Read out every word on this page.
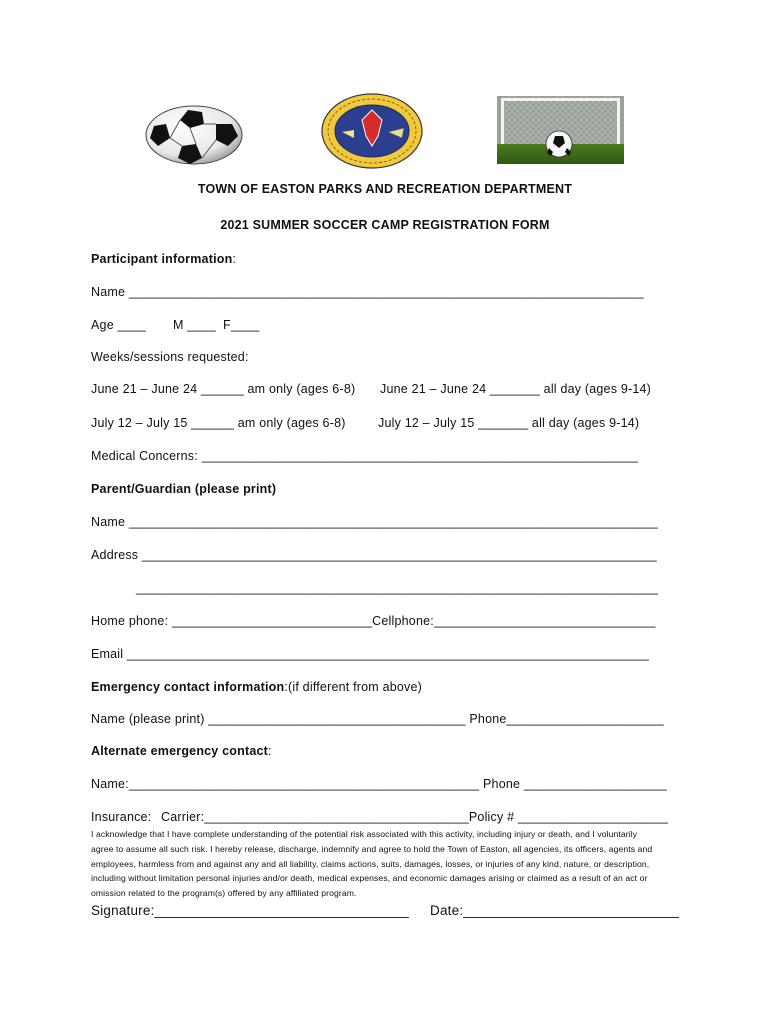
TOWN OF EASTON PARKS AND RECREATION DEPARTMENT
2021 SUMMER SOCCER CAMP REGISTRATION FORM
Participant information:
Name ________________________________________________________________________
Age ____ M ____ F____
Weeks/sessions requested:
June 21 – June 24 ______ am only (ages 6-8) June 21 – June 24 _______ all day (ages 9-14)
July 12 – July 15 ______ am only (ages 6-8)	July 12 – July 15 _______ all day (ages 9-14)
Medical Concerns: _____________________________________________________________
Parent/Guardian (please print)
Name __________________________________________________________________________
Address ________________________________________________________________________
_________________________________________________________________________
Home phone: ____________________________Cellphone:_______________________________
Email _________________________________________________________________________
Emergency contact information: (if different from above)
Name (please print) ____________________________________ Phone______________________
Alternate emergency contact:
Name:_________________________________________________ Phone ____________________
Insurance: Carrier:_____________________________________Policy # _____________________
I acknowledge that I have complete understanding of the potential risk associated with this activity, including injury or death, and I voluntarily
agree to assume all such risk. I hereby release, discharge, indemnify and agree to hold the Town of Easton, all agencies, its officers, agents and
employees, harmless from and against any and all liability, claims actions, suits, damages, losses, or injuries of any kind, nature, or description,
including without limitation personal injuries and/or death, medical expenses, and economic damages arising or claimed as a result of an act or
omission related to the program(s) offered by any affiliated program.
Signature:_________________________________ Date:____________________________
